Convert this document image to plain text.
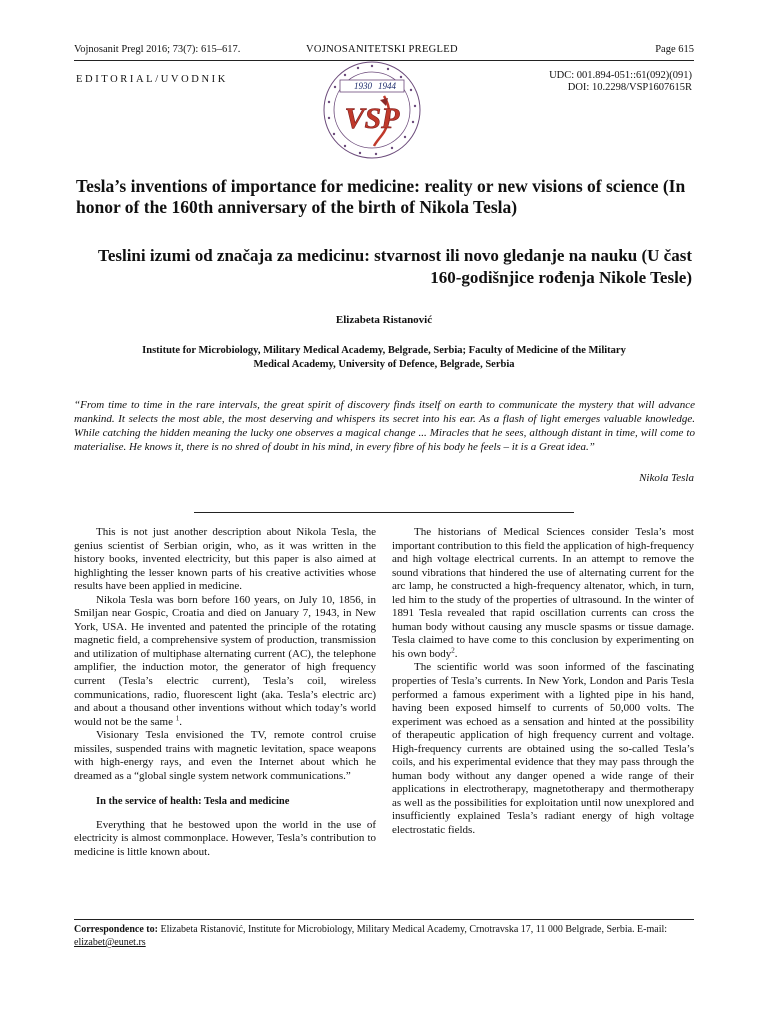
Vojnosanit Pregl 2016; 73(7): 615–617.	VOJNOSANITETSKI PREGLED	Page 615
EDITORIAL/UVODNIK
1930 1944
VSP
UDC: 001.894-051::61(092)(091)
DOI: 10.2298/VSP1607615R
Tesla’s inventions of importance for medicine: reality or new visions of science (In honor of the 160th anniversary of the birth of Nikola Tesla)
Teslini izumi od značaja za medicinu: stvarnost ili novo gledanje na nauku (U čast 160-godišnjice rođenja Nikole Tesle)
Elizabeta Ristanović
Institute for Microbiology, Military Medical Academy, Belgrade, Serbia; Faculty of Medicine of the Military Medical Academy, University of Defence, Belgrade, Serbia

“From time to time in the rare intervals, the great spirit of discovery finds itself on earth to communicate the mystery that will advance mankind. It selects the most able, the most deserving and whispers its secret into his ear. As a flash of light emerges valuable knowledge. While catching the hidden meaning the lucky one observes a magical change ... Miracles that he sees, although distant in time, will come to materialise. He knows it, there is no shred of doubt in his mind, in every fibre of his body he feels – it is a Great idea.”

Nikola Tesla

This is not just another description about Nikola Tesla, the genius scientist of Serbian origin, who, as it was written in the history books, invented electricity, but this paper is also aimed at highlighting the lesser known parts of his creative activities whose results have been applied in medicine.

Nikola Tesla was born before 160 years, on July 10, 1856, in Smiljan near Gospic, Croatia and died on January 7, 1943, in New York, USA. He invented and patented the principle of the rotating magnetic field, a comprehensive system of production, transmission and utilization of multiphase alternating current (AC), the telephone amplifier, the induction motor, the generator of high frequency current (Tesla’s electric current), Tesla’s coil, wireless communications, radio, fluorescent light (aka. Tesla’s electric arc) and about a thousand other inventions without which today’s world would not be the same $^1$.

Visionary Tesla envisioned the TV, remote control cruise missiles, suspended trains with magnetic levitation, space weapons with high-energy rays, and even the Internet about which he dreamed as a “global single system network communications.”

In the service of health: Tesla and medicine

Everything that he bestowed upon the world in the use of electricity is almost commonplace. However, Tesla’s contribution to medicine is little known about.

The historians of Medical Sciences consider Tesla’s most important contribution to this field the application of high-frequency and high voltage electrical currents. In an attempt to remove the sound vibrations that hindered the use of alternating current for the arc lamp, he constructed a high-frequency altenator, which, in turn, led him to the study of the properties of ultrasound. In the winter of 1891 Tesla revealed that rapid oscillation currents can cross the human body without causing any muscle spasms or tissue damage. Tesla claimed to have come to this conclusion by experimenting on his own body$^2$.

The scientific world was soon informed of the fascinating properties of Tesla’s currents. In New York, London and Paris Tesla performed a famous experiment with a lighted pipe in his hand, having been exposed himself to currents of 50,000 volts. The experiment was echoed as a sensation and hinted at the possibility of therapeutic application of high frequency current and voltage. High-frequency currents are obtained using the so-called Tesla’s coils, and his experimental evidence that they may pass through the human body without any danger opened a wide range of their applications in electrotherapy, magnetotherapy and thermotherapy as well as the possibilities for exploitation until now unexplored and insufficiently explained Tesla’s radiant energy of high voltage electrostatic fields.

Correspondence to: Elizabeta Ristanović, Institute for Microbiology, Military Medical Academy, Crnotravska 17, 11 000 Belgrade, Serbia. E-mail: elizabet@eunet.rs
